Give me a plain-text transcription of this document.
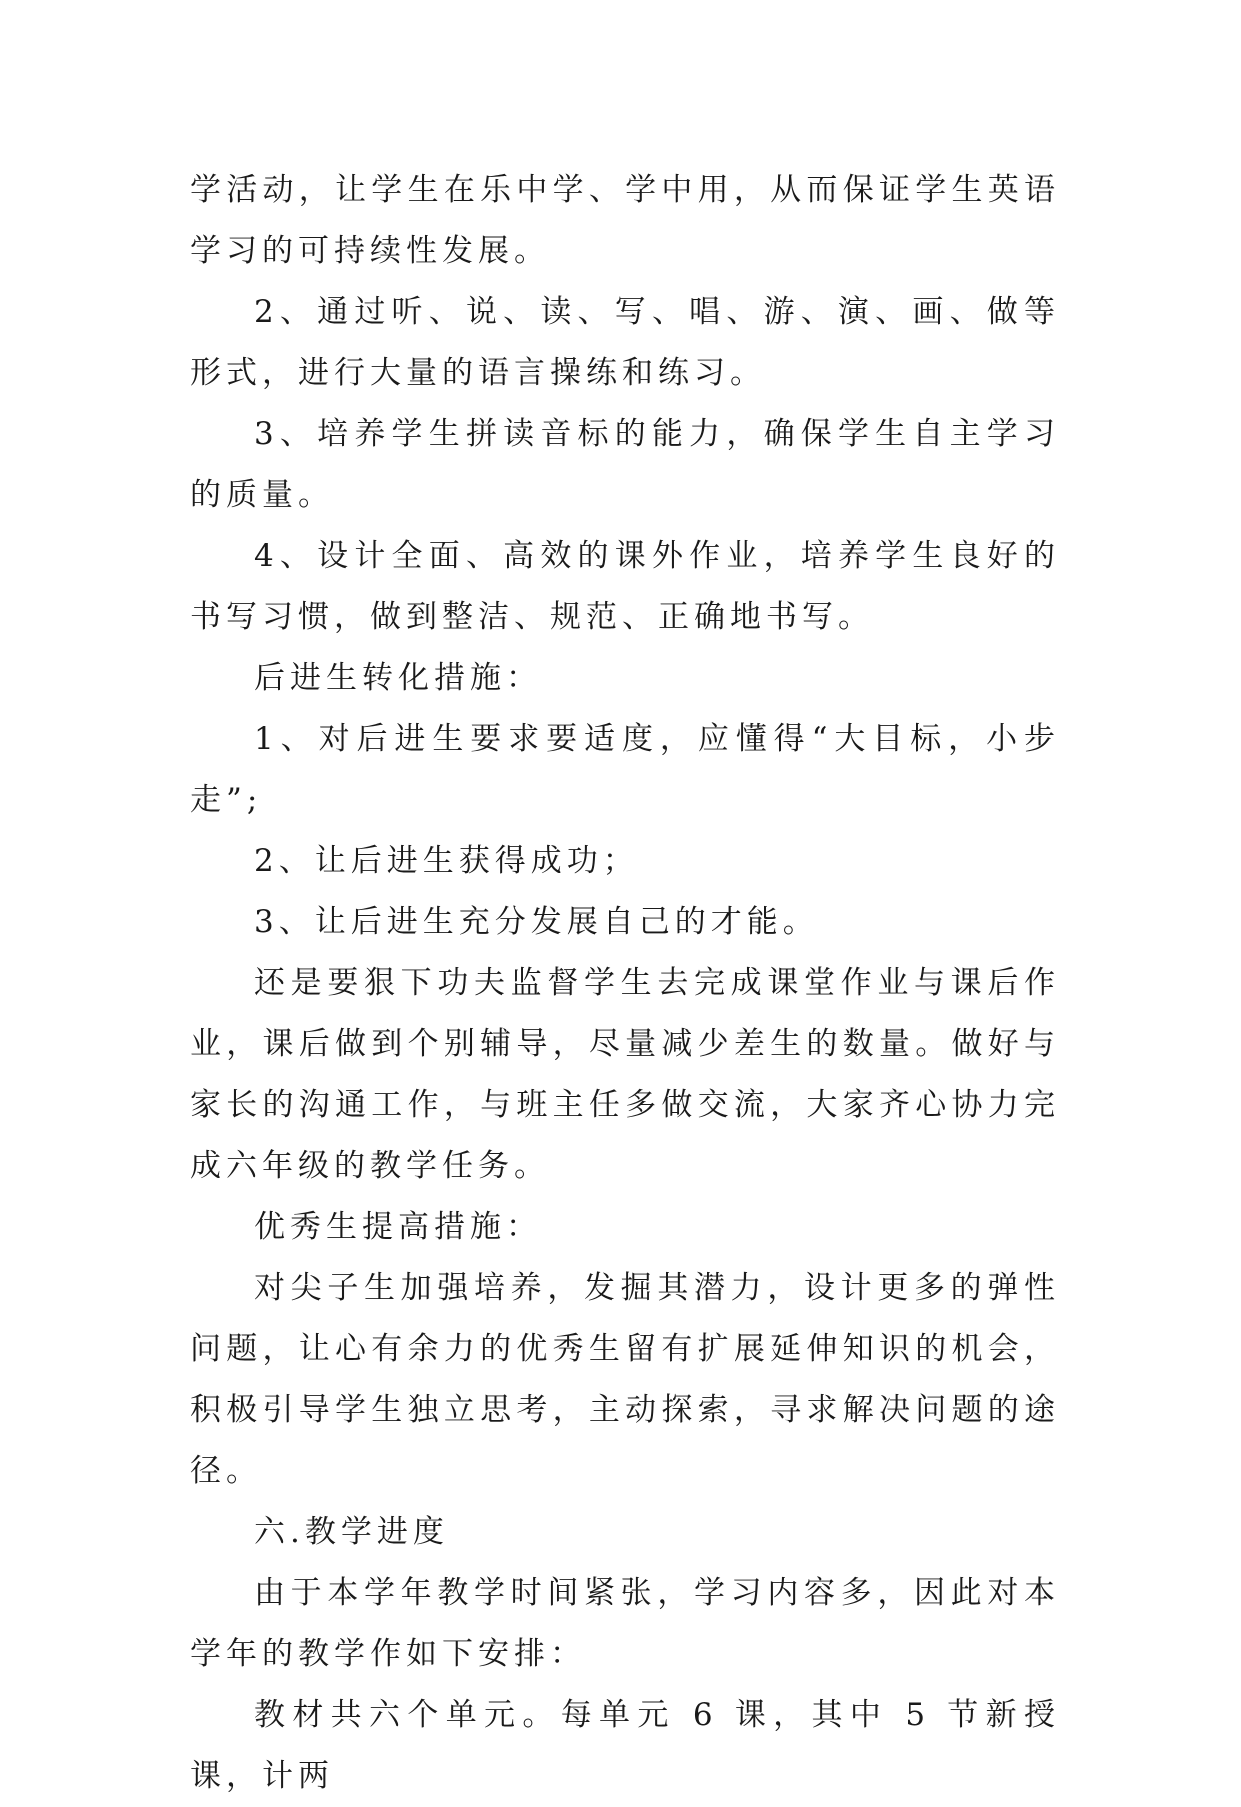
学活动，让学生在乐中学、学中用，从而保证学生英语学习的可持续性发展。

2、通过听、说、读、写、唱、游、演、画、做等形式，进行大量的语言操练和练习。

3、培养学生拼读音标的能力，确保学生自主学习的质量。

4、设计全面、高效的课外作业，培养学生良好的书写习惯，做到整洁、规范、正确地书写。

后进生转化措施：

1、对后进生要求要适度，应懂得“大目标，小步走”;

2、让后进生获得成功；

3、让后进生充分发展自己的才能。

还是要狠下功夫监督学生去完成课堂作业与课后作业，课后做到个别辅导，尽量减少差生的数量。做好与家长的沟通工作，与班主任多做交流，大家齐心协力完成六年级的教学任务。

优秀生提高措施：

对尖子生加强培养，发掘其潜力，设计更多的弹性问题，让心有余力的优秀生留有扩展延伸知识的机会，积极引导学生独立思考，主动探索，寻求解决问题的途径。

六.教学进度

由于本学年教学时间紧张，学习内容多，因此对本学年的教学作如下安排：

教材共六个单元。每单元 6 课，其中 5 节新授课，计两
